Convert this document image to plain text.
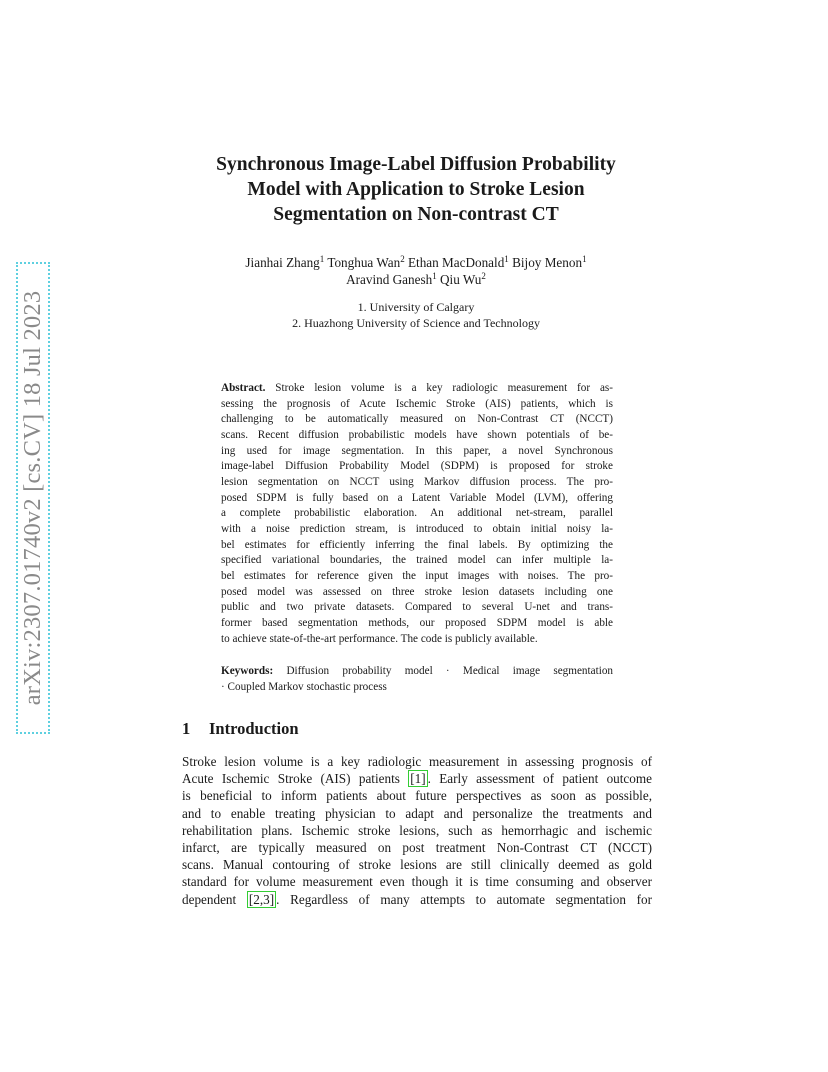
arXiv:2307.01740v2 [cs.CV] 18 Jul 2023
Synchronous Image-Label Diffusion Probability
Model with Application to Stroke Lesion
Segmentation on Non-contrast CT
Jianhai Zhang$^1$ Tonghua Wan$^2$ Ethan MacDonald$^1$ Bijoy Menon$^1$
Aravind Ganesh$^1$ Qiu Wu$^2$
1. University of Calgary
2. Huazhong University of Science and Technology
Abstract. Stroke lesion volume is a key radiologic measurement for as-
sessing the prognosis of Acute Ischemic Stroke (AIS) patients, which is
challenging to be automatically measured on Non-Contrast CT (NCCT)
scans. Recent diffusion probabilistic models have shown potentials of be-
ing used for image segmentation. In this paper, a novel Synchronous
image-label Diffusion Probability Model (SDPM) is proposed for stroke
lesion segmentation on NCCT using Markov diffusion process. The pro-
posed SDPM is fully based on a Latent Variable Model (LVM), offering
a complete probabilistic elaboration. An additional net-stream, parallel
with a noise prediction stream, is introduced to obtain initial noisy la-
bel estimates for efficiently inferring the final labels. By optimizing the
specified variational boundaries, the trained model can infer multiple la-
bel estimates for reference given the input images with noises. The pro-
posed model was assessed on three stroke lesion datasets including one
public and two private datasets. Compared to several U-net and trans-
former based segmentation methods, our proposed SDPM model is able
to achieve state-of-the-art performance. The code is publicly available.
Keywords: Diffusion probability model · Medical image segmentation
· Coupled Markov stochastic process
1 Introduction
Stroke lesion volume is a key radiologic measurement in assessing prognosis of
Acute Ischemic Stroke (AIS) patients [1] . Early assessment of patient outcome
is beneficial to inform patients about future perspectives as soon as possible,
and to enable treating physician to adapt and personalize the treatments and
rehabilitation plans. Ischemic stroke lesions, such as hemorrhagic and ischemic
infarct, are typically measured on post treatment Non-Contrast CT (NCCT)
scans. Manual contouring of stroke lesions are still clinically deemed as gold
standard for volume measurement even though it is time consuming and observer
dependent [2,3] . Regardless of many attempts to automate segmentation for
